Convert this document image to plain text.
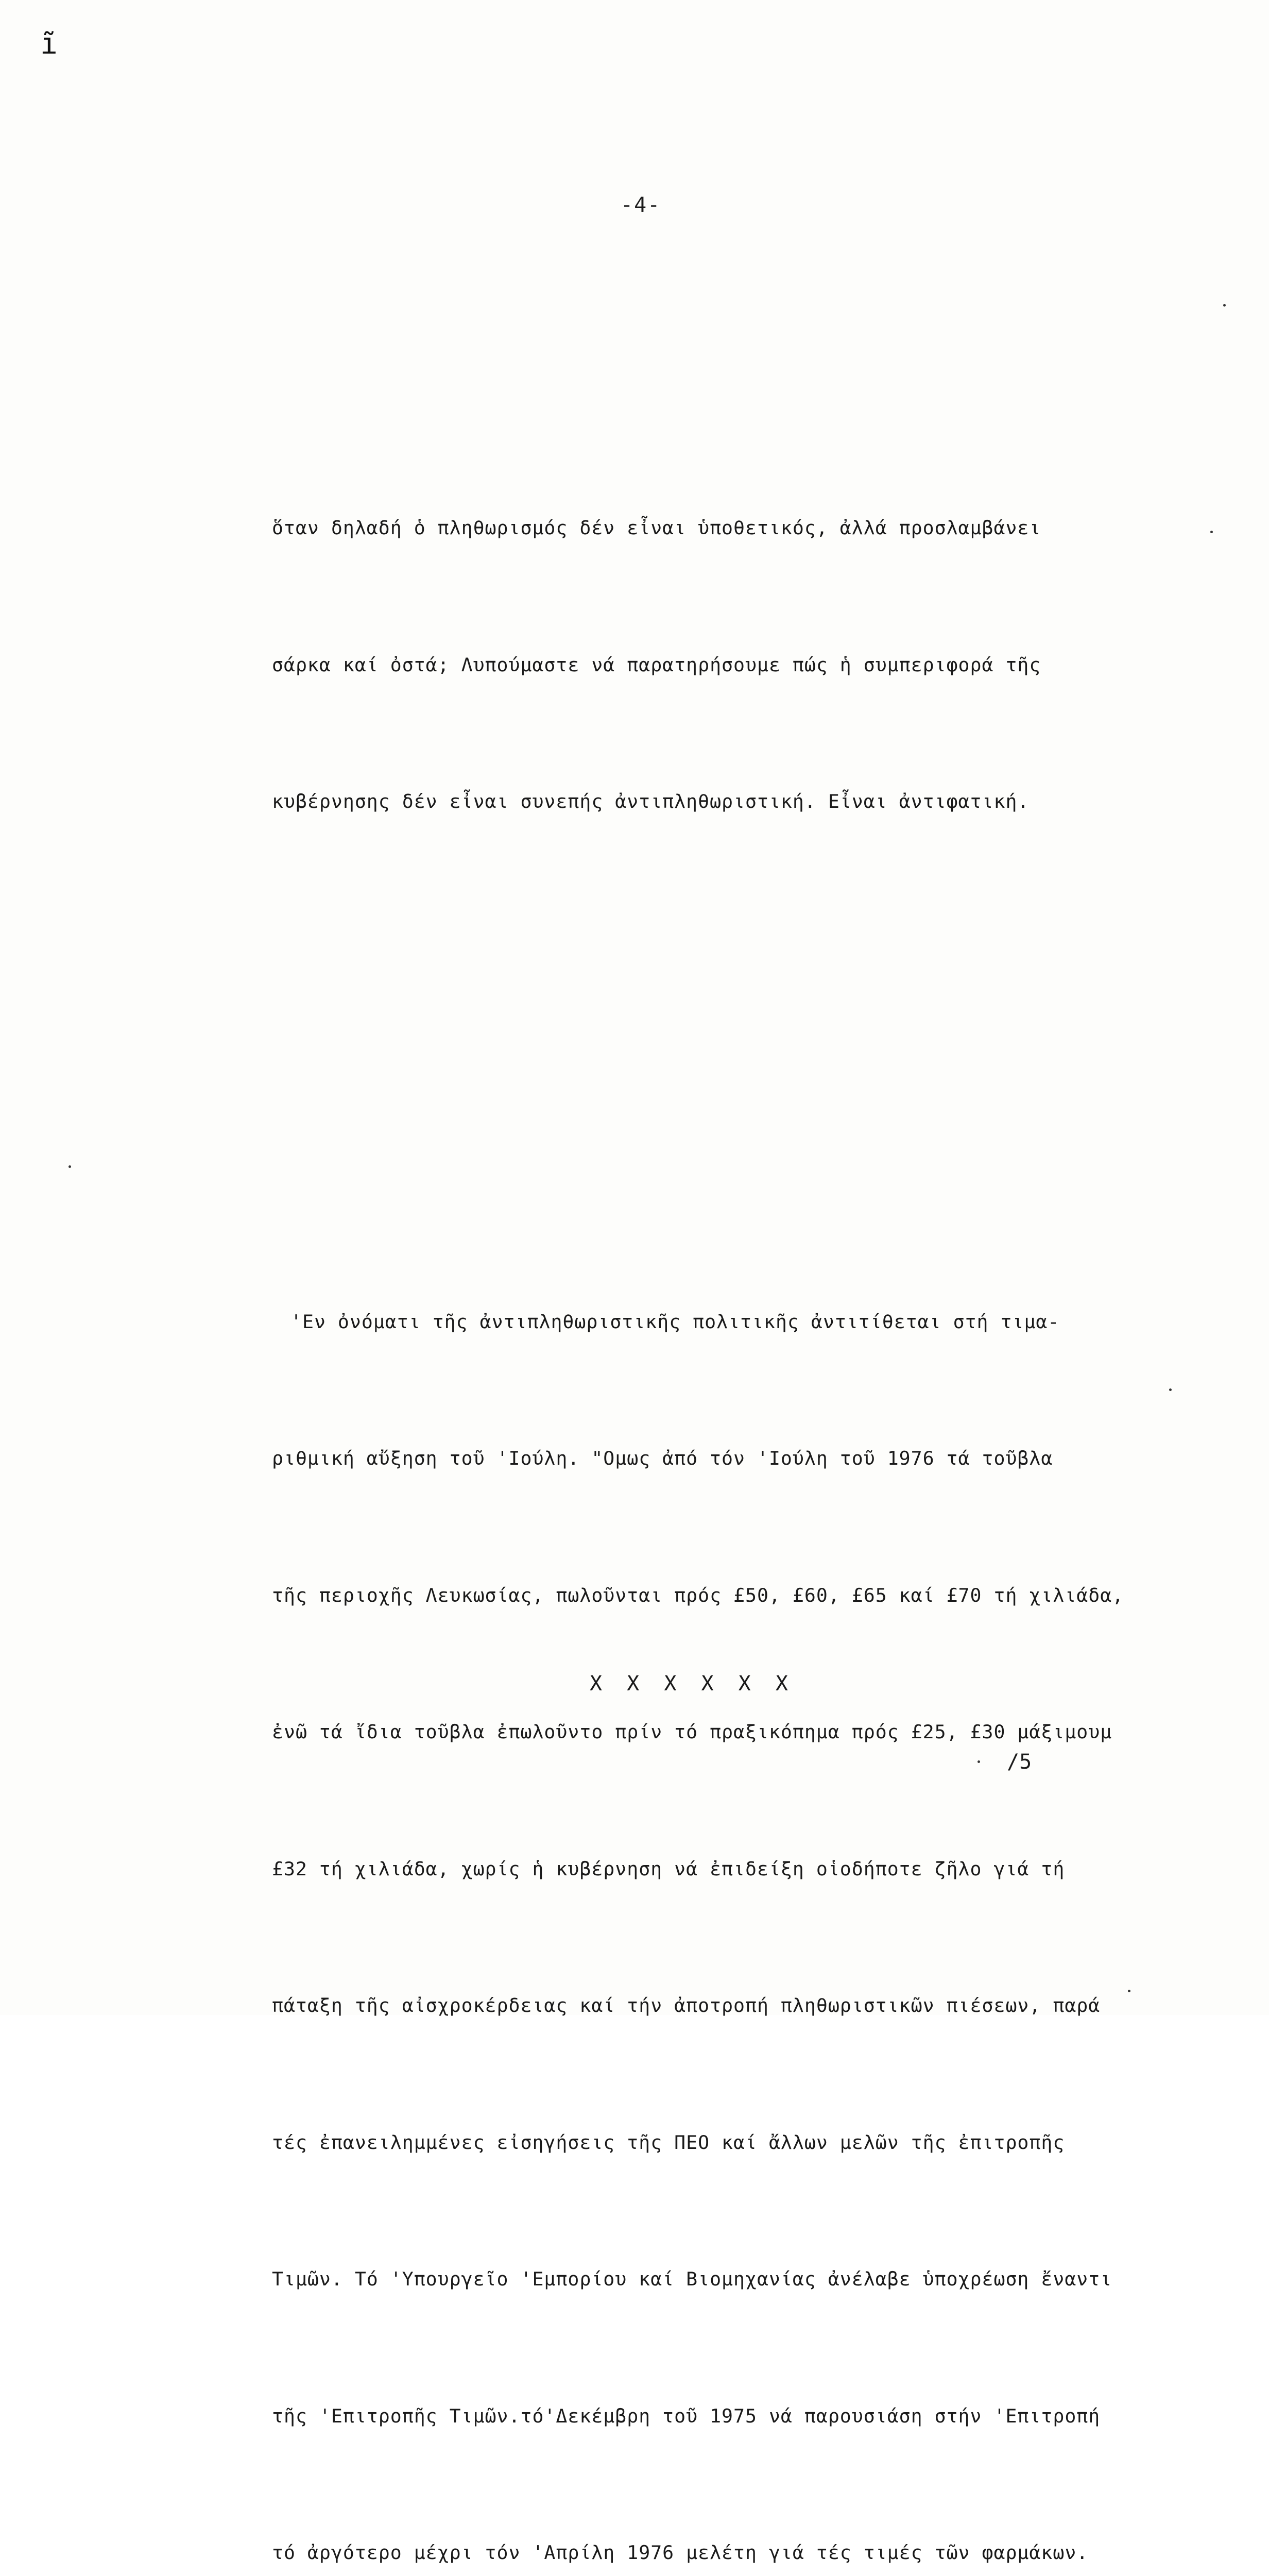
ĩ
-4-

ὅταν δηλαδή ὁ πληθωρισμός δέν εἶναι ὑποθετικός, ἀλλά προσλαμβάνει

σάρκα καί ὀστά; Λυπούμαστε νά παρατηρήσουμε πώς ἡ συμπεριφορά τῆς

κυβέρνησης δέν εἶναι συνεπής ἀντιπληθωριστική. Εἶναι ἀντιφατική.

'Εν ὀνόματι τῆς ἀντιπληθωριστικῆς πολιτικῆς ἀντιτίθεται στή τιμα-

ριθμική αὔξηση τοῦ 'Ιούλη. "Ομως ἀπό τόν 'Ιούλη τοῦ 1976 τά τοῦβλα

τῆς περιοχῆς Λευκωσίας, πωλοῦνται πρός £50, £60, £65 καί £70 τή χιλιάδα,

ἐνῶ τά ἴδια τοῦβλα ἐπωλοῦντο πρίν τό πραξικόπημα πρός £25, £30 μάξιμουμ

£32 τή χιλιάδα, χωρίς ἡ κυβέρνηση νά ἐπιδείξη οἱοδήποτε ζῆλο γιά τή

πάταξη τῆς αἰσχροκέρδειας καί τήν ἀποτροπή πληθωριστικῶν πιέσεων, παρά

τές ἐπανειλημμένες εἰσηγήσεις τῆς ΠΕΟ καί ἄλλων μελῶν τῆς ἐπιτροπῆς

Τιμῶν. Τό 'Υπουργεῖο 'Εμπορίου καί Βιομηχανίας ἀνέλαβε ὑποχρέωση ἔναντι

τῆς 'Επιτροπῆς Τιμῶν.τό'Δεκέμβρη τοῦ 1975 νά παρουσιάση στήν 'Επιτροπή

τό ἀργότερο μέχρι τόν 'Απρίλη 1976 μελέτη γιά τές τιμές τῶν φαρμάκων.

X X X X X X
/5
